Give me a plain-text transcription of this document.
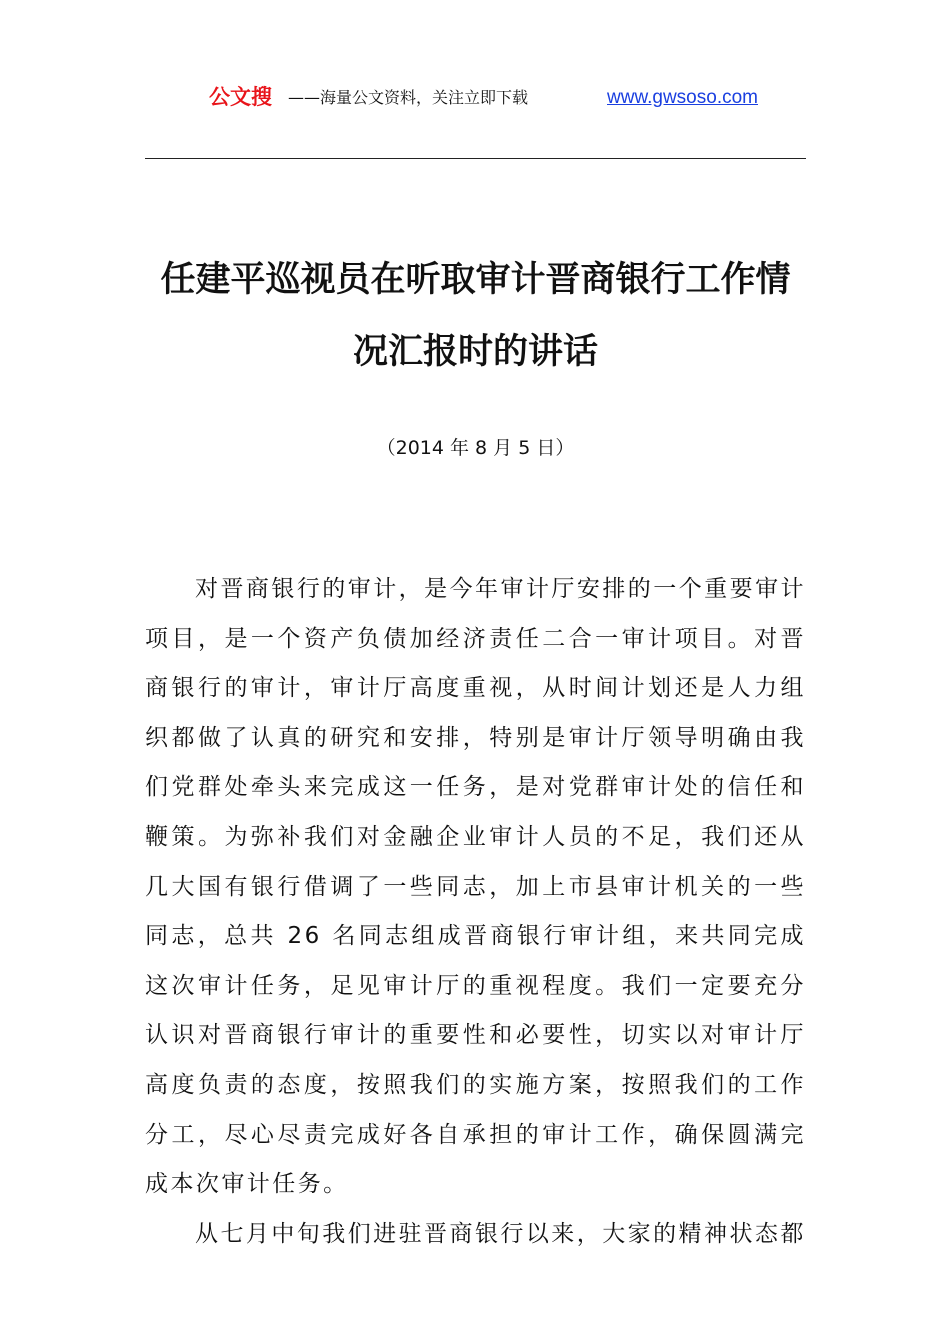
公文搜 ——海量公文资料，关注立即下载	www.gwsoso.com
任建平巡视员在听取审计晋商银行工作情况汇报时的讲话
（2014 年 8 月 5 日）

对晋商银行的审计，是今年审计厅安排的一个重要审计项目，是一个资产负债加经济责任二合一审计项目。对晋商银行的审计，审计厅高度重视，从时间计划还是人力组织都做了认真的研究和安排，特别是审计厅领导明确由我们党群处牵头来完成这一任务，是对党群审计处的信任和鞭策。为弥补我们对金融企业审计人员的不足，我们还从几大国有银行借调了一些同志，加上市县审计机关的一些同志，总共 26 名同志组成晋商银行审计组，来共同完成这次审计任务，足见审计厅的重视程度。我们一定要充分认识对晋商银行审计的重要性和必要性，切实以对审计厅高度负责的态度，按照我们的实施方案，按照我们的工作分工，尽心尽责完成好各自承担的审计工作，确保圆满完成本次审计任务。

从七月中旬我们进驻晋商银行以来，大家的精神状态都
